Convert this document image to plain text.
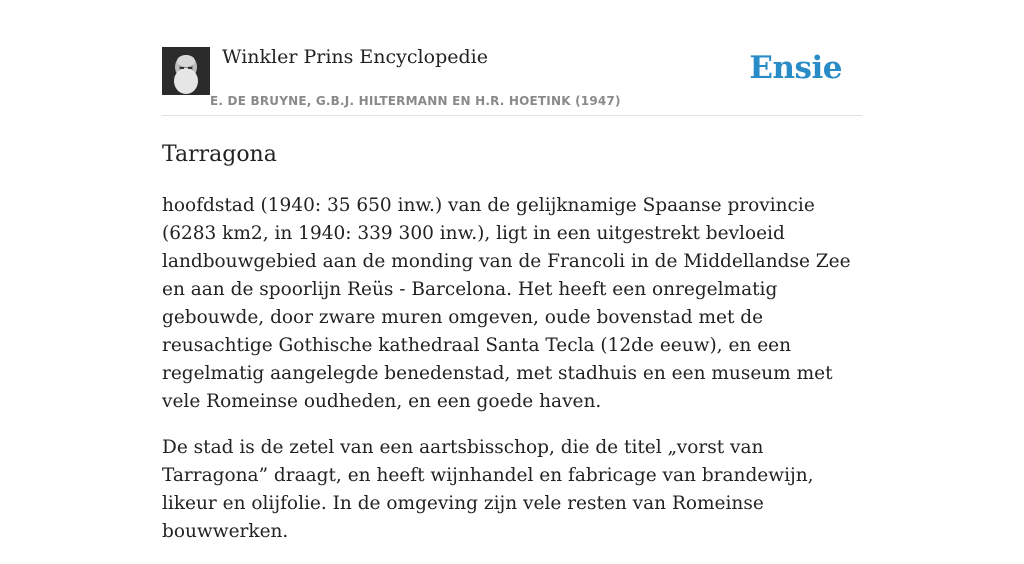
Winkler Prins Encyclopedie
E. DE BRUYNE, G.B.J. HILTERMANN EN H.R. HOETINK (1947)
Ensie
Tarragona

hoofdstad (1940: 35 650 inw.) van de gelijknamige Spaanse provincie (6283 km2, in 1940: 339 300 inw.), ligt in een uitgestrekt bevloeid landbouwgebied aan de monding van de Francoli in de Middellandse Zee en aan de spoorlijn Reüs - Barcelona. Het heeft een onregelmatig gebouwde, door zware muren omgeven, oude bovenstad met de reusachtige Gothische kathedraal Santa Tecla (12de eeuw), en een regelmatig aangelegde benedenstad, met stadhuis en een museum met vele Romeinse oudheden, en een goede haven.

De stad is de zetel van een aartsbisschop, die de titel „vorst van Tarragona” draagt, en heeft wijnhandel en fabricage van brandewijn, likeur en olijfolie. In de omgeving zijn vele resten van Romeinse bouwwerken.
